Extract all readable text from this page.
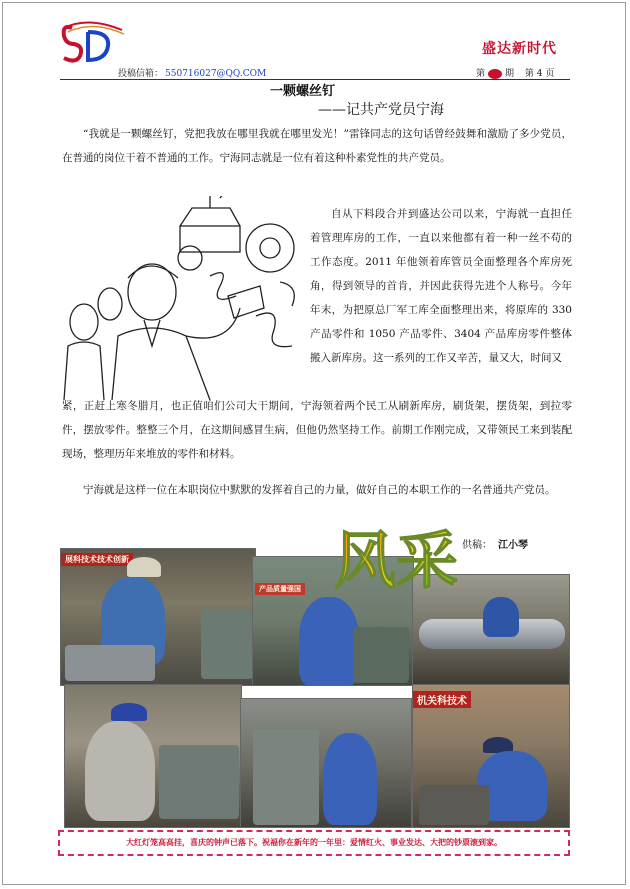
盛达新时代
投稿信箱： 550716027@QQ.COM	第 期 第 4 页
一颗螺丝钉
——记共产党员宁海
“我就是一颗螺丝钉，党把我放在哪里我就在哪里发光！”雷锋同志的这句话曾经鼓舞和激励了多少党员，在普通的岗位干着不普通的工作。宁海同志就是一位有着这种朴素党性的共产党员。
自从下料段合并到盛达公司以来，宁海就一直担任着管理库房的工作，一直以来他都有着一种一丝不苟的工作态度。2011 年他领着库管员全面整理各个库房死角，得到领导的首肯，并因此获得先进个人称号。今年年末，为把原总厂军工库全面整理出来，将原库的 330 产品零件和 1050 产品零件、3404 产品库房零件整体搬入新库房。这一系列的工作又辛苦，量又大，时间又
紧，正赶上寒冬腊月，也正值咱们公司大干期间，宁海领着两个民工从刷新库房，刷货架，摆货架，到拉零件，摆放零件。整整三个月，在这期间感冒生病，但他仍然坚持工作。前期工作刚完成，又带领民工来到装配现场，整理历年来堆放的零件和材料。
宁海就是这样一位在本职岗位中默默的发挥着自己的力量，做好自己的本职工作的一名普通共产党员。
供稿： 江小琴
展科技术技术创新
产品质量强国
机关科技术
风采
大红灯笼高高挂，喜庆的钟声已落下。祝福你在新年的一年里：爱情红火、事业发达、大把的钞票滚到家。
